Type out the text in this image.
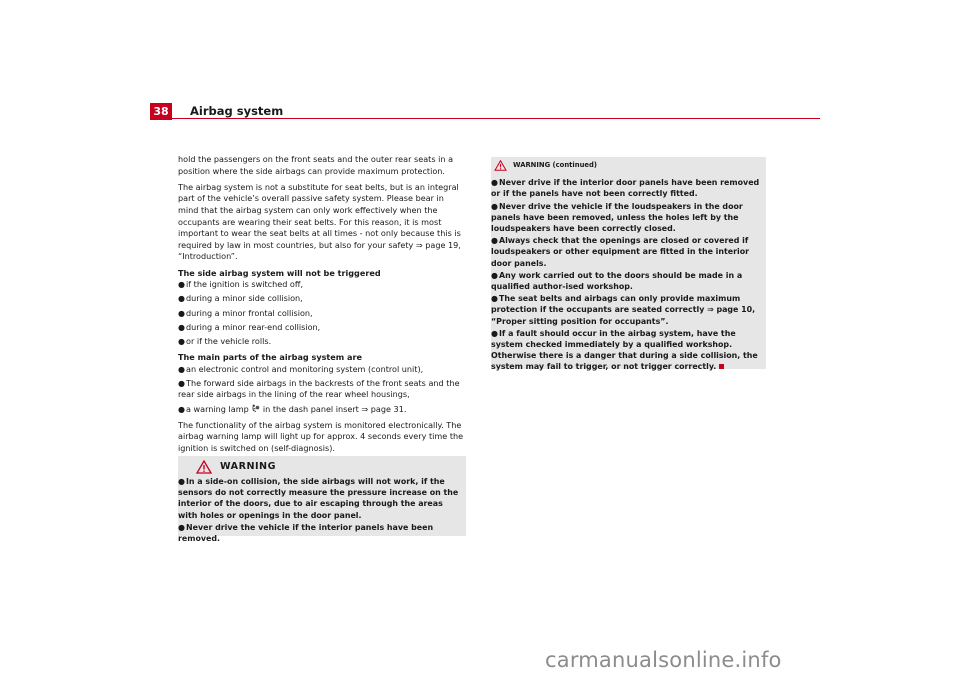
38 Airbag system

hold the passengers on the front seats and the outer rear seats in a position where the side airbags can provide maximum protection.

The airbag system is not a substitute for seat belts, but is an integral part of the vehicle’s overall passive safety system. Please bear in mind that the airbag system can only work effectively when the occupants are wearing their seat belts. For this reason, it is most important to wear the seat belts at all times - not only because this is required by law in most countries, but also for your safety ⇒ page 19, “Introduction”.

The side airbag system will not be triggered
●if the ignition is switched off,
●during a minor side collision,
●during a minor frontal collision,
●during a minor rear-end collision,
●or if the vehicle rolls.
The main parts of the airbag system are
●an electronic control and monitoring system (control unit),
●The forward side airbags in the backrests of the front seats and the rear side airbags in the lining of the rear wheel housings,
●a warning lamp in the dash panel insert ⇒ page 31.

The functionality of the airbag system is monitored electronically. The airbag warning lamp will light up for approx. 4 seconds every time the ignition is switched on (self-diagnosis).

WARNING
●In a side-on collision, the side airbags will not work, if the sensors do not correctly measure the pressure increase on the interior of the doors, due to air escaping through the areas with holes or openings in the door panel.
●Never drive the vehicle if the interior panels have been removed.
WARNING (continued)
●Never drive if the interior door panels have been removed or if the panels have not been correctly fitted.
●Never drive the vehicle if the loudspeakers in the door panels have been removed, unless the holes left by the loudspeakers have been correctly closed.
●Always check that the openings are closed or covered if loudspeakers or other equipment are fitted in the interior door panels.
●Any work carried out to the doors should be made in a qualified author-ised workshop.
●The seat belts and airbags can only provide maximum protection if the occupants are seated correctly ⇒ page 10, “Proper sitting position for occupants”.
●If a fault should occur in the airbag system, have the system checked immediately by a qualified workshop. Otherwise there is a danger that during a side collision, the system may fail to trigger, or not trigger correctly.
carmanualsonline.info
